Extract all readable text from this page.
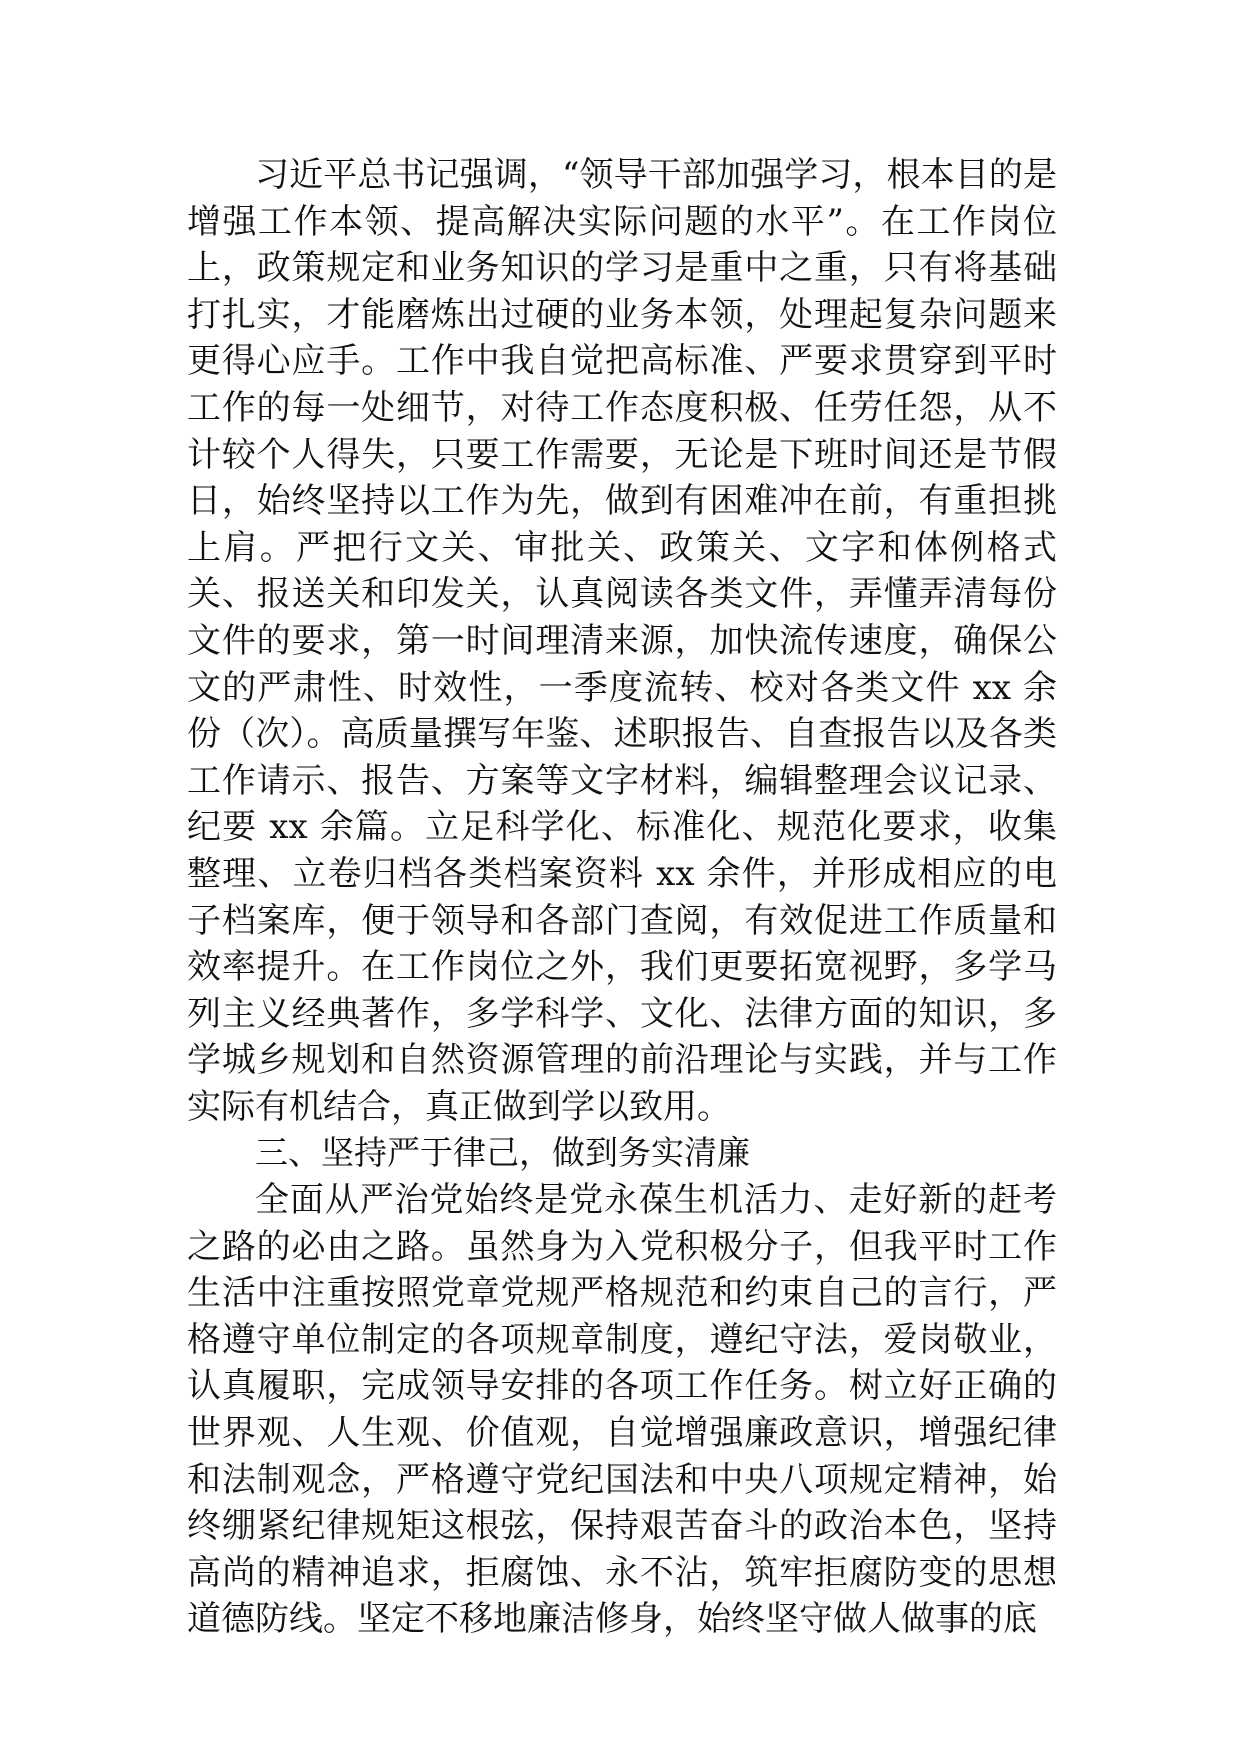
习近平总书记强调，“领导干部加强学习，根本目的是增强工作本领、提高解决实际问题的水平”。在工作岗位上，政策规定和业务知识的学习是重中之重，只有将基础打扎实，才能磨炼出过硬的业务本领，处理起复杂问题来更得心应手。工作中我自觉把高标准、严要求贯穿到平时工作的每一处细节，对待工作态度积极、任劳任怨，从不计较个人得失，只要工作需要，无论是下班时间还是节假日，始终坚持以工作为先，做到有困难冲在前，有重担挑上肩。严把行文关、审批关、政策关、文字和体例格式关、报送关和印发关，认真阅读各类文件，弄懂弄清每份文件的要求，第一时间理清来源，加快流传速度，确保公文的严肃性、时效性，一季度流转、校对各类文件 xx 余份（次）。高质量撰写年鉴、述职报告、自查报告以及各类工作请示、报告、方案等文字材料，编辑整理会议记录、纪要 xx 余篇。立足科学化、标准化、规范化要求，收集整理、立卷归档各类档案资料 xx 余件，并形成相应的电子档案库，便于领导和各部门查阅，有效促进工作质量和效率提升。在工作岗位之外，我们更要拓宽视野，多学马列主义经典著作，多学科学、文化、法律方面的知识，多学城乡规划和自然资源管理的前沿理论与实践，并与工作实际有机结合，真正做到学以致用。

三、坚持严于律己，做到务实清廉

全面从严治党始终是党永葆生机活力、走好新的赶考之路的必由之路。虽然身为入党积极分子，但我平时工作生活中注重按照党章党规严格规范和约束自己的言行，严格遵守单位制定的各项规章制度，遵纪守法，爱岗敬业，认真履职，完成领导安排的各项工作任务。树立好正确的世界观、人生观、价值观，自觉增强廉政意识，增强纪律和法制观念，严格遵守党纪国法和中央八项规定精神，始终绷紧纪律规矩这根弦，保持艰苦奋斗的政治本色，坚持高尚的精神追求，拒腐蚀、永不沾，筑牢拒腐防变的思想道德防线。坚定不移地廉洁修身，始终坚守做人做事的底
